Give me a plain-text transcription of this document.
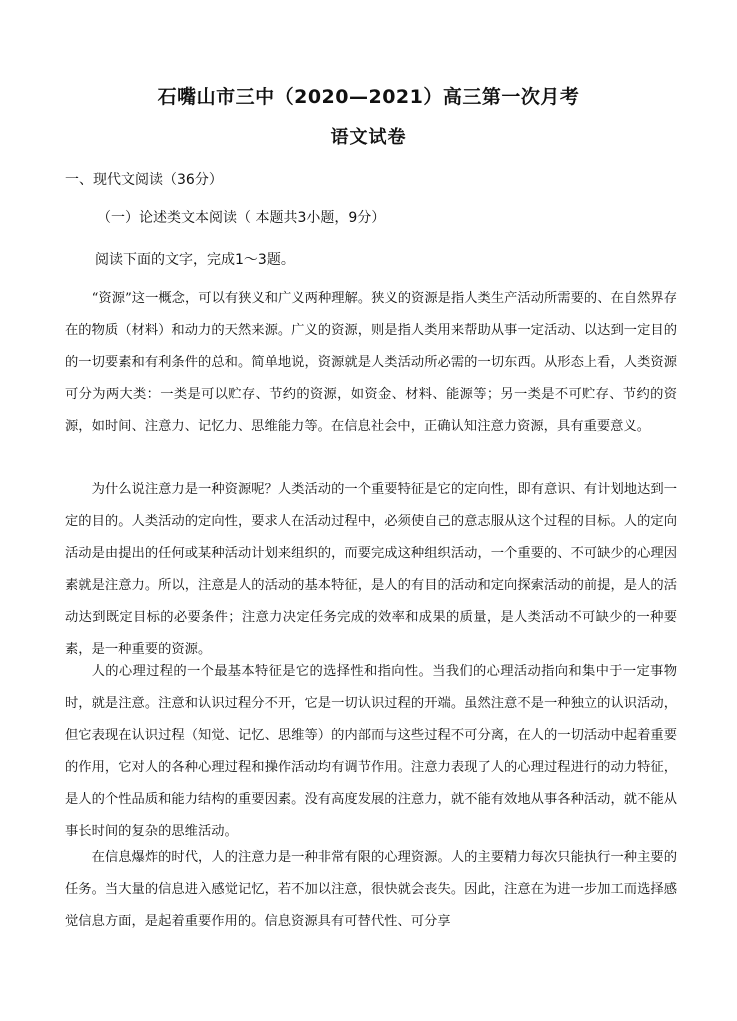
石嘴山市三中（2020—2021）高三第一次月考
语文试卷
一、现代文阅读（36分）
（一）论述类文本阅读（ 本题共3小题，9分）
阅读下面的文字，完成1～3题。

“资源”这一概念，可以有狭义和广义两种理解。狭义的资源是指人类生产活动所需要的、在自然界存在的物质（材料）和动力的天然来源。广义的资源，则是指人类用来帮助从事一定活动、以达到一定目的的一切要素和有利条件的总和。简单地说，资源就是人类活动所必需的一切东西。从形态上看，人类资源可分为两大类：一类是可以贮存、节约的资源，如资金、材料、能源等；另一类是不可贮存、节约的资源，如时间、注意力、记忆力、思维能力等。在信息社会中，正确认知注意力资源，具有重要意义。

为什么说注意力是一种资源呢？人类活动的一个重要特征是它的定向性，即有意识、有计划地达到一定的目的。人类活动的定向性，要求人在活动过程中，必须使自己的意志服从这个过程的目标。人的定向活动是由提出的任何或某种活动计划来组织的，而要完成这种组织活动，一个重要的、不可缺少的心理因素就是注意力。所以，注意是人的活动的基本特征，是人的有目的活动和定向探索活动的前提，是人的活动达到既定目标的必要条件；注意力决定任务完成的效率和成果的质量，是人类活动不可缺少的一种要素，是一种重要的资源。

人的心理过程的一个最基本特征是它的选择性和指向性。当我们的心理活动指向和集中于一定事物时，就是注意。注意和认识过程分不开，它是一切认识过程的开端。虽然注意不是一种独立的认识活动，但它表现在认识过程（知觉、记忆、思维等）的内部而与这些过程不可分离，在人的一切活动中起着重要的作用，它对人的各种心理过程和操作活动均有调节作用。注意力表现了人的心理过程进行的动力特征，是人的个性品质和能力结构的重要因素。没有高度发展的注意力，就不能有效地从事各种活动，就不能从事长时间的复杂的思维活动。

在信息爆炸的时代，人的注意力是一种非常有限的心理资源。人的主要精力每次只能执行一种主要的任务。当大量的信息进入感觉记忆，若不加以注意，很快就会丧失。因此，注意在为进一步加工而选择感觉信息方面，是起着重要作用的。信息资源具有可替代性、可分享
